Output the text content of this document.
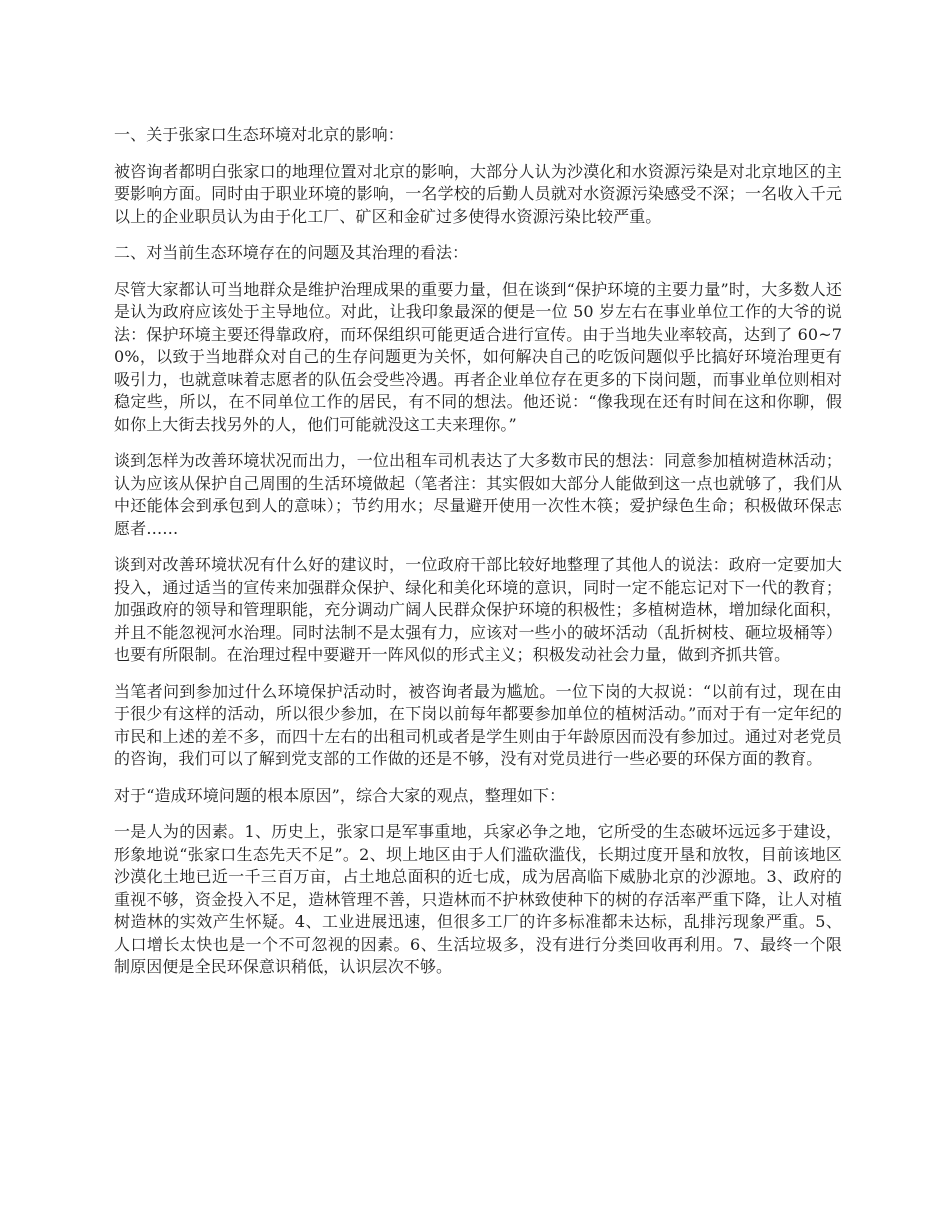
一、关于张家口生态环境对北京的影响：

被咨询者都明白张家口的地理位置对北京的影响，大部分人认为沙漠化和水资源污染是对北京地区的主要影响方面。同时由于职业环境的影响，一名学校的后勤人员就对水资源污染感受不深；一名收入千元以上的企业职员认为由于化工厂、矿区和金矿过多使得水资源污染比较严重。

二、对当前生态环境存在的问题及其治理的看法：

尽管大家都认可当地群众是维护治理成果的重要力量，但在谈到“保护环境的主要力量”时，大多数人还是认为政府应该处于主导地位。对此，让我印象最深的便是一位 50 岁左右在事业单位工作的大爷的说法：保护环境主要还得靠政府，而环保组织可能更适合进行宣传。由于当地失业率较高，达到了 60~70%，以致于当地群众对自己的生存问题更为关怀，如何解决自己的吃饭问题似乎比搞好环境治理更有吸引力，也就意味着志愿者的队伍会受些冷遇。再者企业单位存在更多的下岗问题，而事业单位则相对稳定些，所以，在不同单位工作的居民，有不同的想法。他还说：“像我现在还有时间在这和你聊，假如你上大街去找另外的人，他们可能就没这工夫来理你。”

谈到怎样为改善环境状况而出力，一位出租车司机表达了大多数市民的想法：同意参加植树造林活动；认为应该从保护自己周围的生活环境做起（笔者注：其实假如大部分人能做到这一点也就够了，我们从中还能体会到承包到人的意味）；节约用水；尽量避开使用一次性木筷；爱护绿色生命；积极做环保志愿者……

谈到对改善环境状况有什么好的建议时，一位政府干部比较好地整理了其他人的说法：政府一定要加大投入，通过适当的宣传来加强群众保护、绿化和美化环境的意识，同时一定不能忘记对下一代的教育；加强政府的领导和管理职能，充分调动广阔人民群众保护环境的积极性；多植树造林，增加绿化面积，并且不能忽视河水治理。同时法制不是太强有力，应该对一些小的破坏活动（乱折树枝、砸垃圾桶等）也要有所限制。在治理过程中要避开一阵风似的形式主义；积极发动社会力量，做到齐抓共管。

当笔者问到参加过什么环境保护活动时，被咨询者最为尴尬。一位下岗的大叔说：“以前有过，现在由于很少有这样的活动，所以很少参加，在下岗以前每年都要参加单位的植树活动。”而对于有一定年纪的市民和上述的差不多，而四十左右的出租司机或者是学生则由于年龄原因而没有参加过。通过对老党员的咨询，我们可以了解到党支部的工作做的还是不够，没有对党员进行一些必要的环保方面的教育。

对于“造成环境问题的根本原因”，综合大家的观点，整理如下：

一是人为的因素。1、历史上，张家口是军事重地，兵家必争之地，它所受的生态破坏远远多于建设，形象地说“张家口生态先天不足”。2、坝上地区由于人们滥砍滥伐，长期过度开垦和放牧，目前该地区沙漠化土地已近一千三百万亩，占土地总面积的近七成，成为居高临下威胁北京的沙源地。3、政府的重视不够，资金投入不足，造林管理不善，只造林而不护林致使种下的树的存活率严重下降，让人对植树造林的实效产生怀疑。4、工业进展迅速，但很多工厂的许多标准都未达标，乱排污现象严重。5、人口增长太快也是一个不可忽视的因素。6、生活垃圾多，没有进行分类回收再利用。7、最终一个限制原因便是全民环保意识稍低，认识层次不够。
